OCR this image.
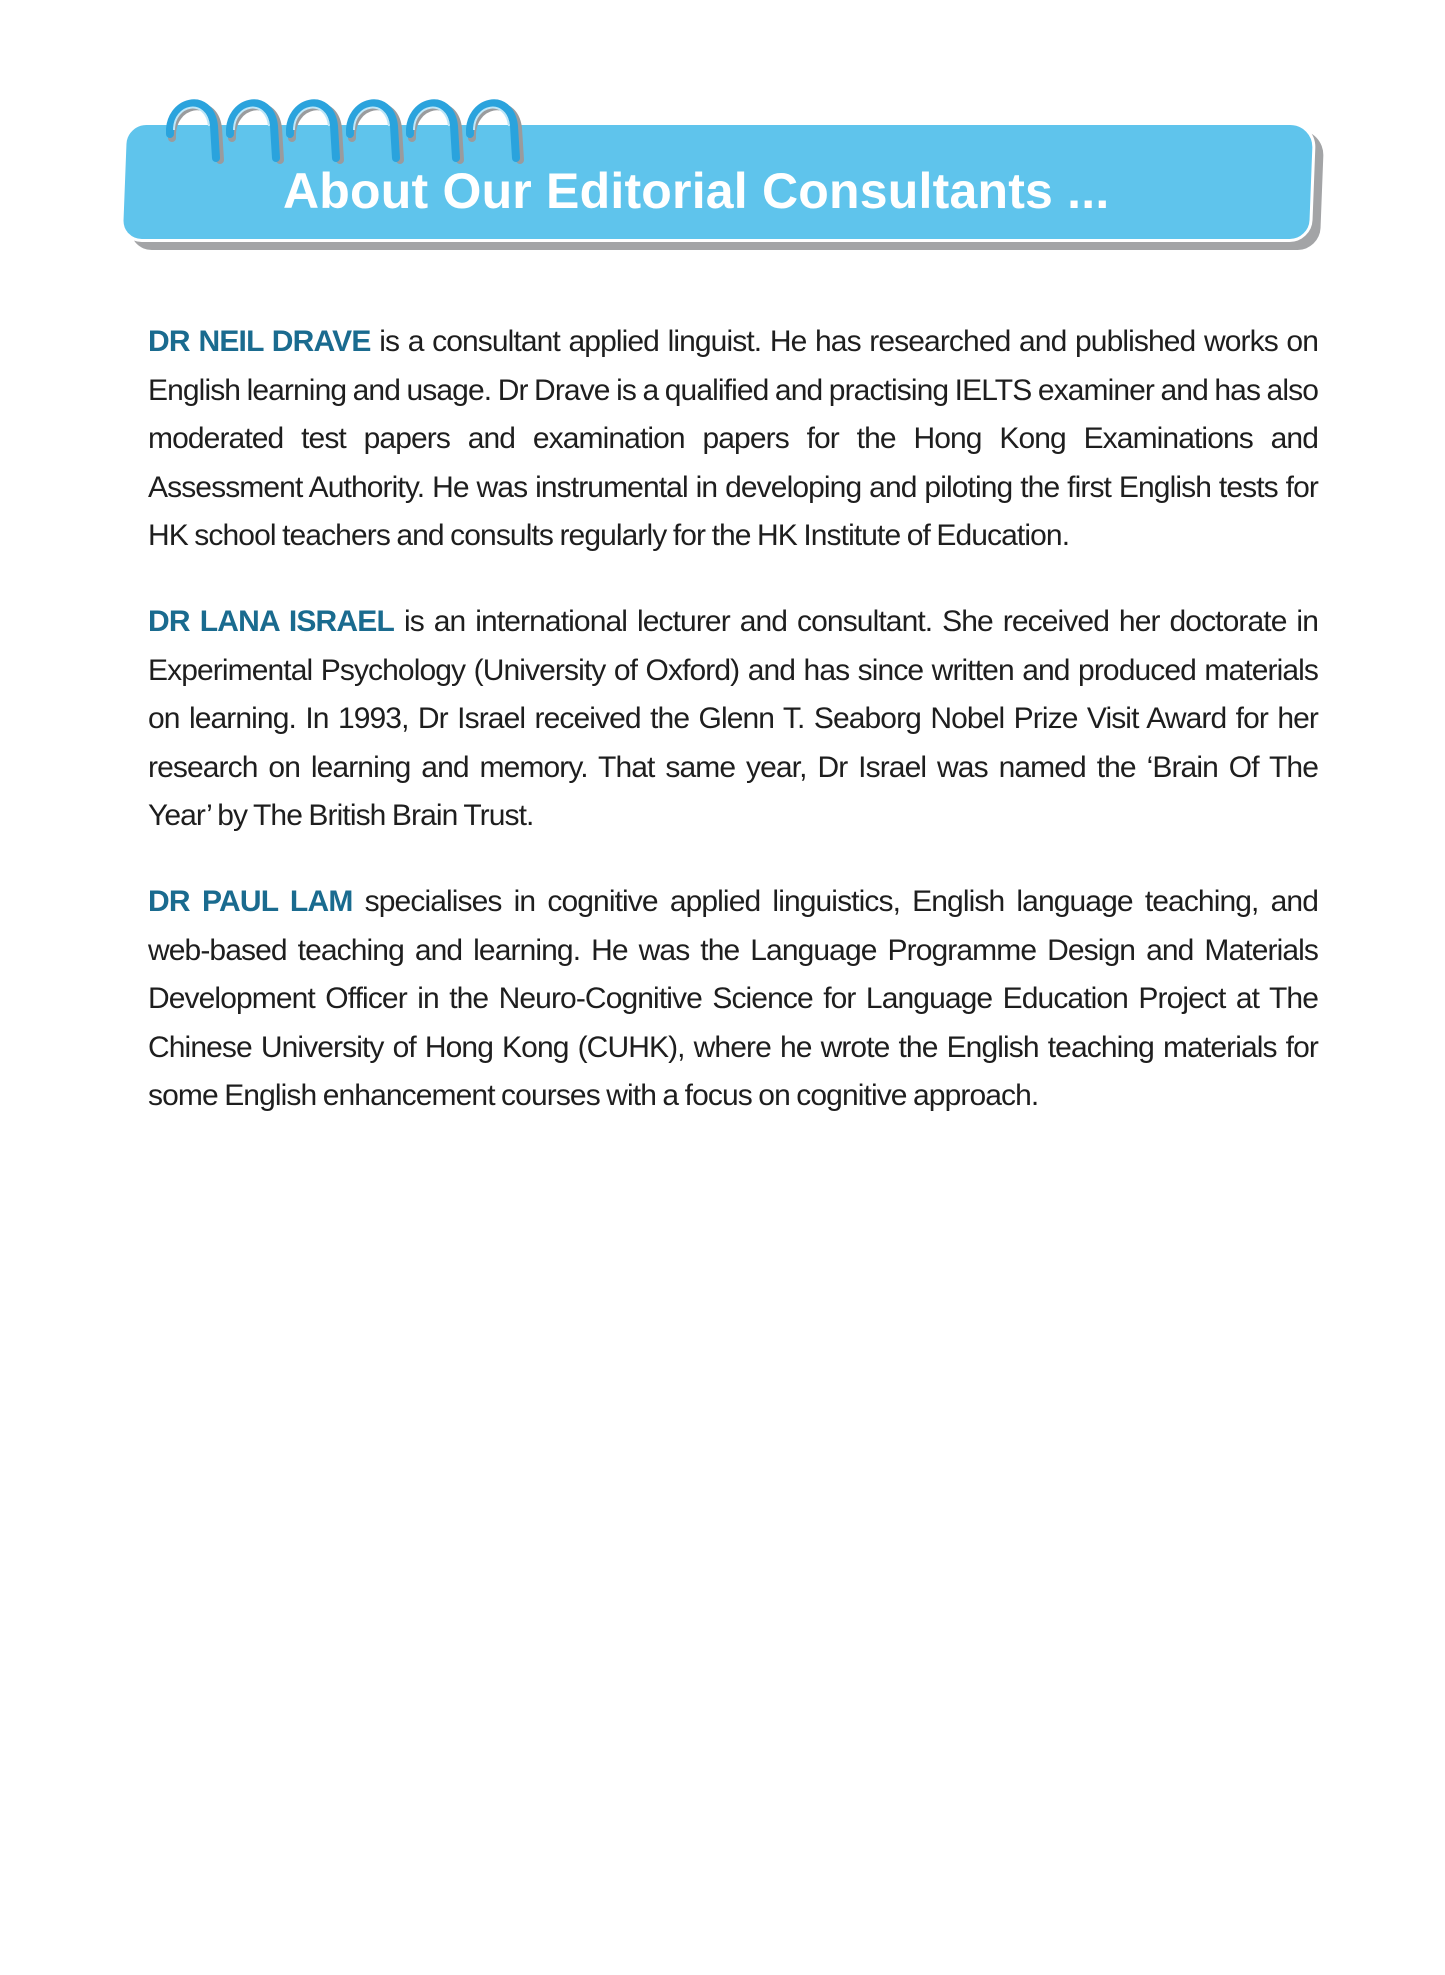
About Our Editorial Consultants ...

DR NEIL DRAVE is a consultant applied linguist. He has researched and published works on English learning and usage. Dr Drave is a qualified and practising IELTS examiner and has also moderated test papers and examination papers for the Hong Kong Examinations and Assessment Authority. He was instrumental in developing and piloting the first English tests for HK school teachers and consults regularly for the HK Institute of Education.

DR LANA ISRAEL is an international lecturer and consultant. She received her doctorate in Experimental Psychology (University of Oxford) and has since written and produced materials on learning. In 1993, Dr Israel received the Glenn T. Seaborg Nobel Prize Visit Award for her research on learning and memory. That same year, Dr Israel was named the ‘Brain Of The Year’ by The British Brain Trust.

DR PAUL LAM specialises in cognitive applied linguistics, English language teaching, and web-based teaching and learning. He was the Language Programme Design and Materials Development Officer in the Neuro-Cognitive Science for Language Education Project at The Chinese University of Hong Kong (CUHK), where he wrote the English teaching materials for some English enhancement courses with a focus on cognitive approach.
